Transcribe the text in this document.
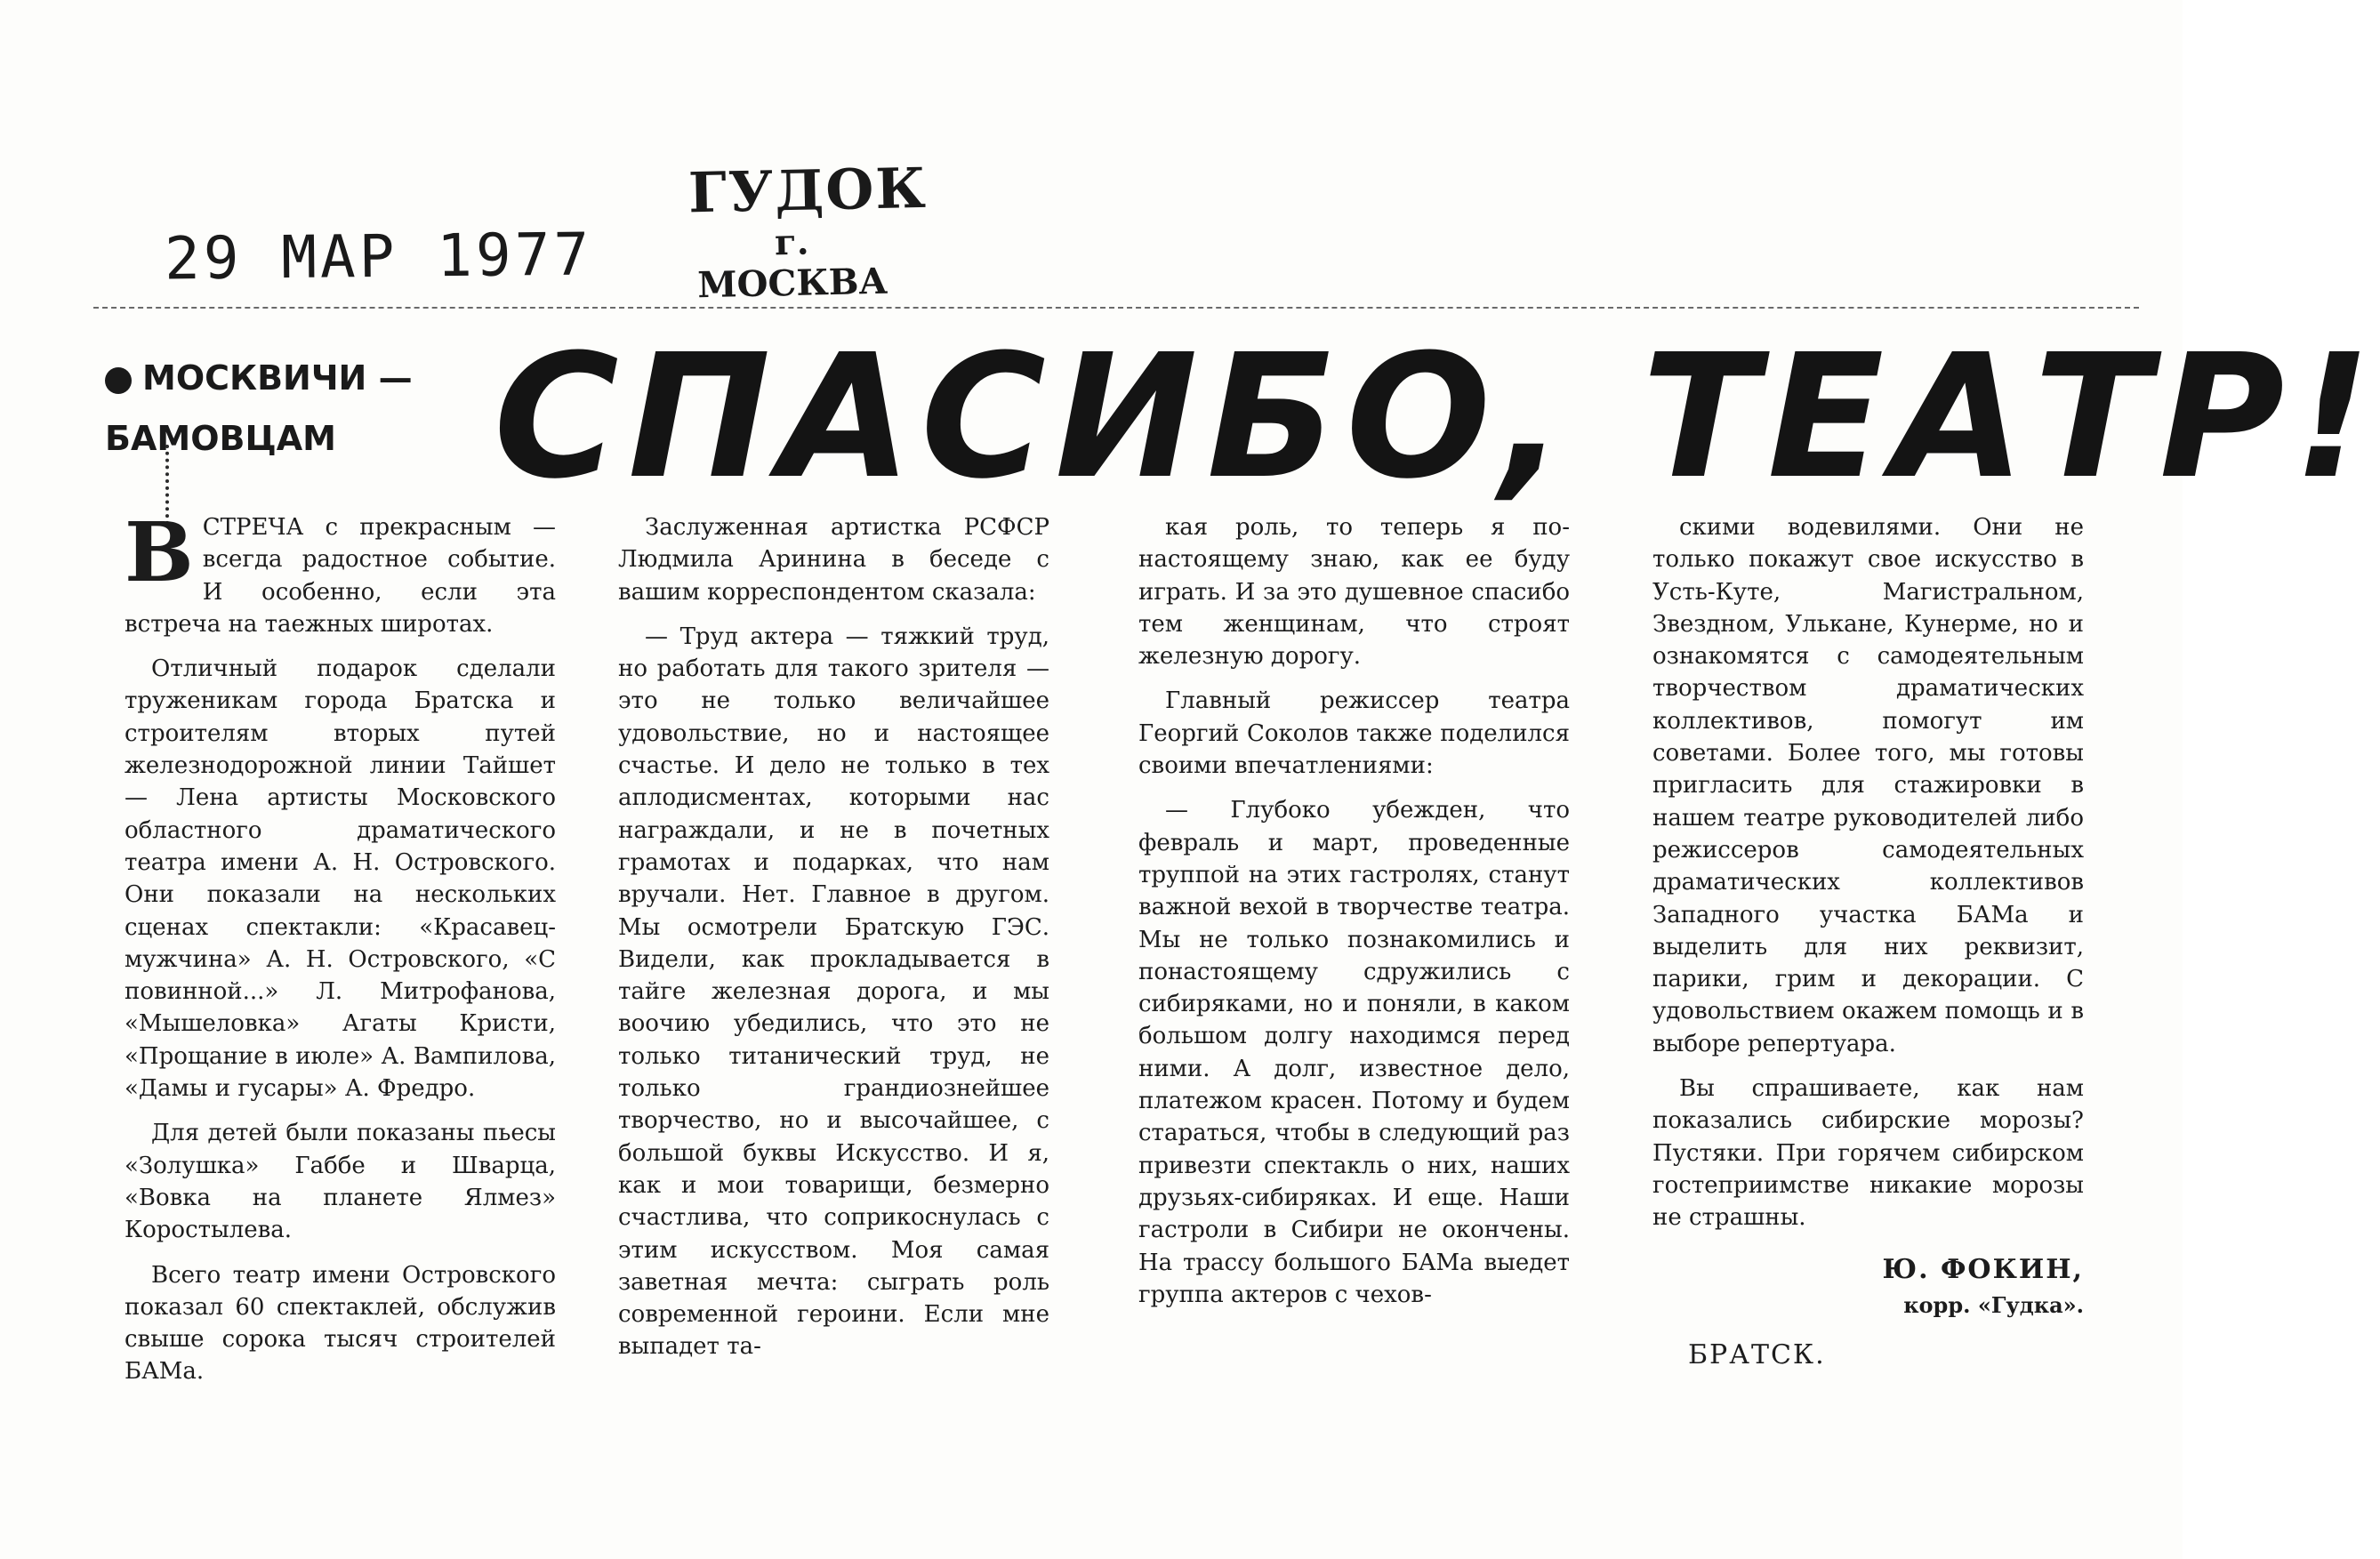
29 МАР 1977
ГУДОК
г. МОСКВА
МОСКВИЧИ —
БАМОВЦАМ СПАСИБО, ТЕАТР!

ВСТРЕЧА с прекрасным — всегда радостное событие. И особенно, если эта встреча на таежных широтах.

Отличный подарок сделали труженикам города Братска и строителям вторых путей железнодорожной линии Тайшет — Лена артисты Московского областного драматического театра имени А. Н. Островского. Они показали на нескольких сценах спектакли: «Красавец-мужчина» А. Н. Островского, «С повинной...» Л. Митрофанова, «Мышеловка» Агаты Кристи, «Прощание в июле» А. Вампилова, «Дамы и гусары» А. Фредро.

Для детей были показаны пьесы «Золушка» Габбе и Шварца, «Вовка на планете Ялмез» Коростылева.

Всего театр имени Островского показал 60 спектаклей, обслужив свыше сорока тысяч строителей БАМа.

Заслуженная артистка РСФСР Людмила Аринина в беседе с вашим корреспондентом сказала:

— Труд актера — тяжкий труд, но работать для такого зрителя — это не только величайшее удовольствие, но и настоящее счастье. И дело не только в тех аплодисментах, которыми нас награждали, и не в почетных грамотах и подарках, что нам вручали. Нет. Главное в другом. Мы осмотрели Братскую ГЭС. Видели, как прокладывается в тайге железная дорога, и мы воочию убедились, что это не только титанический труд, не только грандиознейшее творчество, но и высочайшее, с большой буквы Искусство. И я, как и мои товарищи, безмерно счастлива, что соприкоснулась с этим искусством. Моя самая заветная мечта: сыграть роль современной героини. Если мне выпадет та-

кая роль, то теперь я по-настоящему знаю, как ее буду играть. И за это душевное спасибо тем женщинам, что строят железную дорогу.

Главный режиссер театра Георгий Соколов также поделился своими впечатлениями:

— Глубоко убежден, что февраль и март, проведенные труппой на этих гастролях, станут важной вехой в творчестве театра. Мы не только познакомились и понастоящему сдружились с сибиряками, но и поняли, в каком большом долгу находимся перед ними. А долг, известное дело, платежом красен. Потому и будем стараться, чтобы в следующий раз привезти спектакль о них, наших друзьях-сибиряках. И еще. Наши гастроли в Сибири не окончены. На трассу большого БАМа выедет группа актеров с чехов-

скими водевилями. Они не только покажут свое искусство в Усть-Куте, Магистральном, Звездном, Улькане, Кунерме, но и ознакомятся с самодеятельным творчеством драматических коллективов, помогут им советами. Более того, мы готовы пригласить для стажировки в нашем театре руководителей либо режиссеров самодеятельных драматических коллективов Западного участка БАМа и выделить для них реквизит, парики, грим и декорации. С удовольствием окажем помощь и в выборе репертуара.

Вы спрашиваете, как нам показались сибирские морозы? Пустяки. При горячем сибирском гостеприимстве никакие морозы не страшны.

Ю. ФОКИН,
корр. «Гудка».
БРАТСК.
